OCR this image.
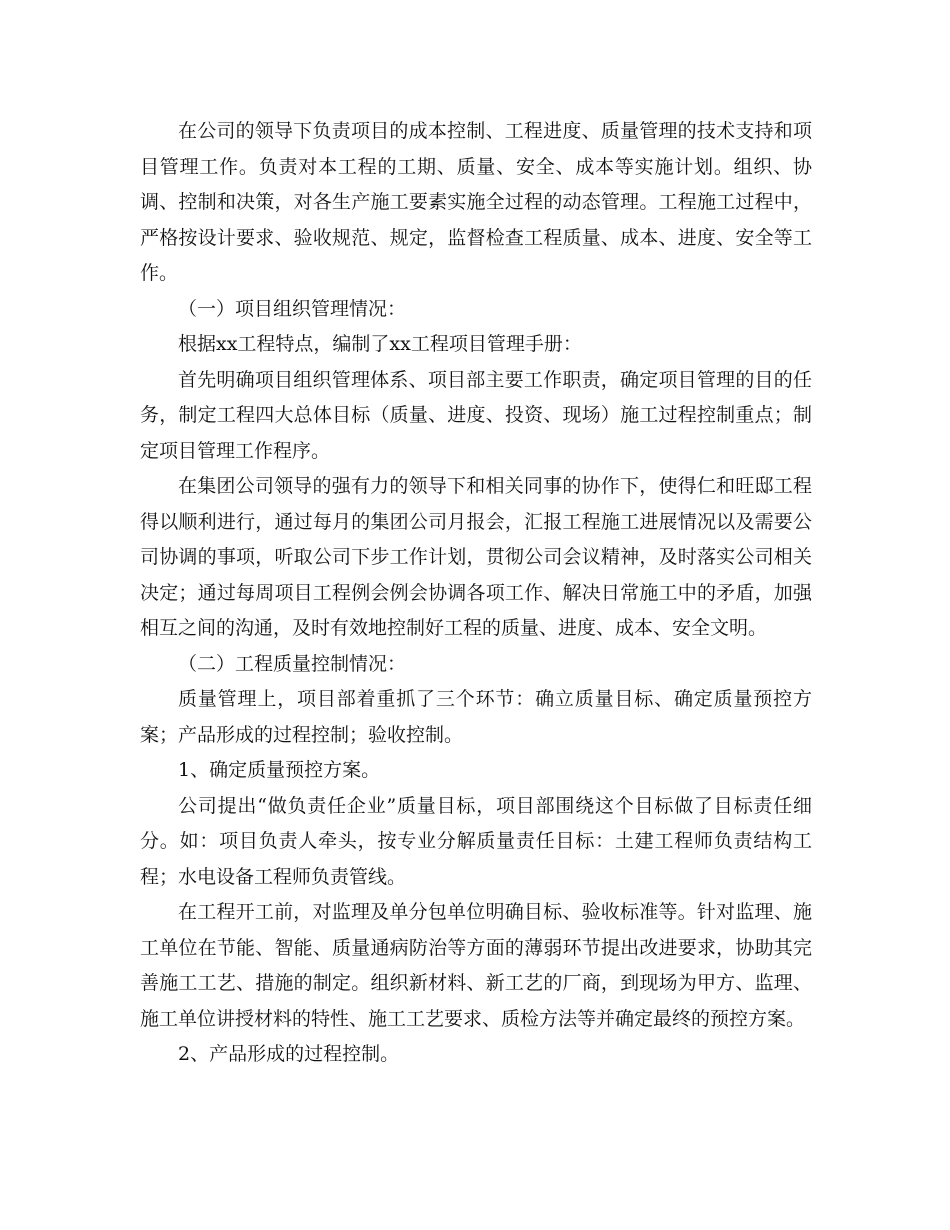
在公司的领导下负责项目的成本控制、工程进度、质量管理的技术支持和项目管理工作。负责对本工程的工期、质量、安全、成本等实施计划。组织、协调、控制和决策，对各生产施工要素实施全过程的动态管理。工程施工过程中，严格按设计要求、验收规范、规定，监督检查工程质量、成本、进度、安全等工作。

（一）项目组织管理情况：

根据xx工程特点，编制了xx工程项目管理手册：

首先明确项目组织管理体系、项目部主要工作职责，确定项目管理的目的任务，制定工程四大总体目标（质量、进度、投资、现场）施工过程控制重点；制定项目管理工作程序。

在集团公司领导的强有力的领导下和相关同事的协作下，使得仁和旺邸工程得以顺利进行，通过每月的集团公司月报会，汇报工程施工进展情况以及需要公司协调的事项，听取公司下步工作计划，贯彻公司会议精神，及时落实公司相关决定；通过每周项目工程例会例会协调各项工作、解决日常施工中的矛盾，加强相互之间的沟通，及时有效地控制好工程的质量、进度、成本、安全文明。

（二）工程质量控制情况：

质量管理上，项目部着重抓了三个环节：确立质量目标、确定质量预控方案；产品形成的过程控制；验收控制。

1、确定质量预控方案。

公司提出“做负责任企业”质量目标，项目部围绕这个目标做了目标责任细分。如：项目负责人牵头，按专业分解质量责任目标：土建工程师负责结构工程；水电设备工程师负责管线。

在工程开工前，对监理及单分包单位明确目标、验收标准等。针对监理、施工单位在节能、智能、质量通病防治等方面的薄弱环节提出改进要求，协助其完善施工工艺、措施的制定。组织新材料、新工艺的厂商，到现场为甲方、监理、施工单位讲授材料的特性、施工工艺要求、质检方法等并确定最终的预控方案。

2、产品形成的过程控制。
